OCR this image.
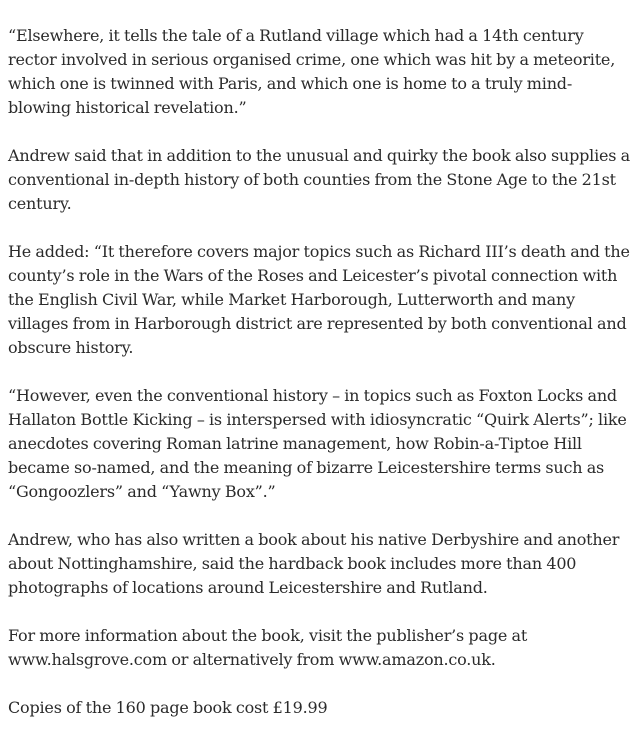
“Elsewhere, it tells the tale of a Rutland village which had a 14th century rector involved in serious organised crime, one which was hit by a meteorite, which one is twinned with Paris, and which one is home to a truly mind-blowing historical revelation.”

Andrew said that in addition to the unusual and quirky the book also supplies a conventional in-depth history of both counties from the Stone Age to the 21st century.

He added: “It therefore covers major topics such as Richard III’s death and the county’s role in the Wars of the Roses and Leicester’s pivotal connection with the English Civil War, while Market Harborough, Lutterworth and many villages from in Harborough district are represented by both conventional and obscure history.

“However, even the conventional history – in topics such as Foxton Locks and Hallaton Bottle Kicking – is interspersed with idiosyncratic “Quirk Alerts”; like anecdotes covering Roman latrine management, how Robin-a-Tiptoe Hill became so-named, and the meaning of bizarre Leicestershire terms such as “Gongoozlers” and “Yawny Box”.”

Andrew, who has also written a book about his native Derbyshire and another about Nottinghamshire, said the hardback book includes more than 400 photographs of locations around Leicestershire and Rutland.

For more information about the book, visit the publisher’s page at www.halsgrove.com or alternatively from www.amazon.co.uk.

Copies of the 160 page book cost £19.99
